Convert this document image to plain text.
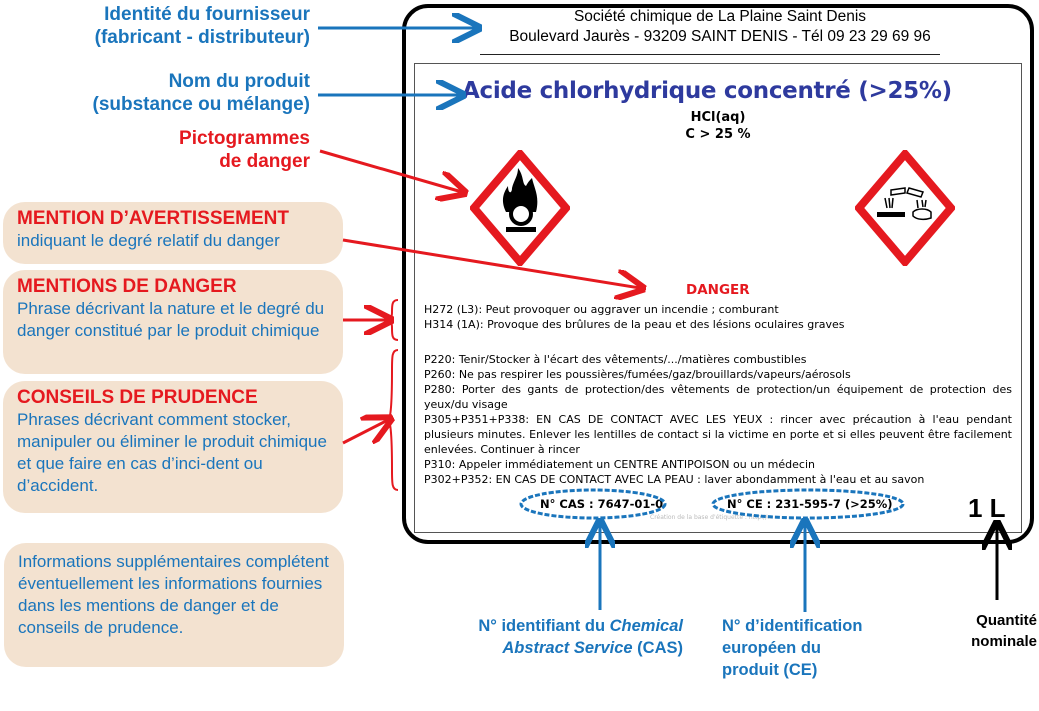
Identité du fournisseur
(fabricant - distributeur)
Nom du produit
(substance ou mélange)
Pictogrammes
de danger
MENTION D’AVERTISSEMENT
indiquant le degré relatif du danger
MENTIONS DE DANGER
Phrase décrivant la nature et le degré du danger constitué par le produit chimique
CONSEILS DE PRUDENCE
Phrases décrivant comment stocker, manipuler ou éliminer le produit chimique et que faire en cas d’inci-dent ou d’accident.
Informations supplémentaires complétent éventuellement les informations fournies dans les mentions de danger et de conseils de prudence.
Société chimique de La Plaine Saint Denis
Boulevard Jaurès - 93209 SAINT DENIS - Tél 09 23 29 69 96
Acide chlorhydrique concentré (>25%)
HCl(aq)
C > 25 %
DANGER
H272 (L3): Peut provoquer ou aggraver un incendie ; comburant
H314 (1A): Provoque des brûlures de la peau et des lésions oculaires graves
P220: Tenir/Stocker à l'écart des vêtements/.../matières combustibles
P260: Ne pas respirer les poussières/fumées/gaz/brouillards/vapeurs/aérosols
P280: Porter des gants de protection/des vêtements de protection/un équipement de protection des yeux/du visage
P305+P351+P338: EN CAS DE CONTACT AVEC LES YEUX : rincer avec précaution à l'eau pendant plusieurs minutes. Enlever les lentilles de contact si la victime en porte et si elles peuvent être facilement enlevées. Continuer à rincer
P310: Appeler immédiatement un CENTRE ANTIPOISON ou un médecin
P302+P352: EN CAS DE CONTACT AVEC LA PEAU : laver abondamment à l'eau et au savon
N° CAS : 7647-01-0	N° CE : 231-595-7 (>25%)
Création de la base d'étiquette : http://...	1 L
N° identifiant du Chemical
Abstract Service (CAS)
N° d’identification
européen du
produit (CE)
Quantité
nominale
